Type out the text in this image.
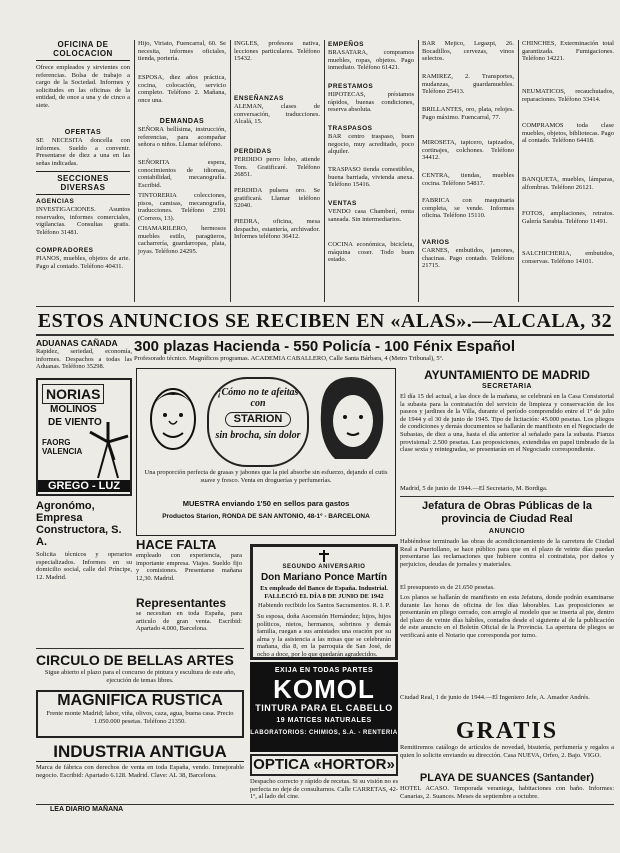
OFICINA DE COLOCACION
Ofrece empleados y sirvientes con referencias. Bolsa de trabajo a cargo de la Sociedad. Informes y solicitudes en las oficinas de la entidad, de once a una y de cinco a siete.
OFERTAS
SE NECESITA doncella con informes. Sueldo a convenir. Presentarse de diez a una en las señas indicadas.
SECCIONES DIVERSAS
AGENCIAS
INVESTIGACIONES. Asuntos reservados, informes comerciales, vigilancias. Consultas gratis. Teléfono 31481.
COMPRADORES
PIANOS, muebles, objetos de arte. Pago al contado. Teléfono 40431.
Hijo, Viriato, Fuencarral, 60. Se necesita, informes oficiales, tienda, portería.
ESPOSA, diez años práctica, cocina, colocación, servicio completo. Teléfono 2. Mañana, once una.
DEMANDAS
SEÑORA bellísima, instrucción, referencias, para acompañar señora o niños. Llamar teléfono.
SEÑORITA espera, conocimientos de idiomas, contabilidad, mecanografía. Escribid.
TINTORERIA colecciones, pisos, camisas, mecanografía, traducciones. Teléfono 2391 (Correos, 13).
CHAMARILERO, hermosos muebles estilo, paragüeros, cacharrería, guardarropas, plata, joyas. Teléfono 24295.
INGLES, profesora nativa, lecciones particulares. Teléfono 15432.
ENSEÑANZAS
ALEMAN, clases de conversación, traducciones. Alcalá, 15.
PERDIDAS
PERDIDO perro lobo, atiende Tom. Gratificaré. Teléfono 26851.
PERDIDA pulsera oro. Se gratificará. Llamar teléfono 52040.
PIEDRA, oficina, mesa despacho, estantería, archivador. Informes teléfono 36412.
EMPEÑOS
BRASATARA, compramos muebles, ropas, objetos. Pago inmediato. Teléfono 61421.
PRESTAMOS
HIPOTECAS, préstamos rápidos, buenas condiciones, reserva absoluta.
TRASPASOS
BAR centro traspaso, buen negocio, muy acreditado, poco alquiler.
TRASPASO tienda comestibles, buena barriada, vivienda anexa. Teléfono 15416.
VENTAS
VENDO casa Chamberí, renta saneada. Sin intermediarios.
COCINA económica, bicicleta, máquina coser. Todo buen estado.
BAR Mejico, Legazpi, 26. Bocadillos, cervezas, vinos selectos.
RAMIREZ, 2. Transportes, mudanzas, guardamuebles. Teléfono 25413.
BRILLANTES, oro, plata, relojes. Pago máximo. Fuencarral, 77.
MIROSETA, tapicero, tapizados, cortinajes, colchones. Teléfono 34412.
CENTRA, tiendas, muebles cocina. Teléfono 54817.
FABRICA con maquinaria completa, se vende. Informes oficina. Teléfono 15110.
VARIOS
CARNES, embutidos, jamones, chacinas. Pago contado. Teléfono 21715.
CHINCHES, Exterminación total garantizada. Fumigaciones. Teléfono 14221.
NEUMATICOS, recauchutados, reparaciones. Teléfono 33414.
COMPRAMOS toda clase muebles, objetos, bibliotecas. Pago al contado. Teléfono 64418.
BANQUETA, muebles, lámparas, alfombras. Teléfono 26121.
FOTOS, ampliaciones, retratos. Galería Sarabia. Teléfono 11491.
SALCHICHERIA, embutidos, conservas. Teléfono 14101.
ESTOS ANUNCIOS SE RECIBEN EN «ALAS».—ALCALA, 32
ADUANAS CAÑADA
Rapidez, seriedad, economía, informes. Despachos a todas las Aduanas. Teléfono 35298.
NORIAS
MOLINOS
DE VIENTO
FAORG VALENCIA
GREGO - LUZ
Agronómo, Empresa Constructora, S. A.
Solicita técnicos y operarios especializados. Informes en su domicilio social, calle del Príncipe, 12. Madrid.
CIRCULO DE BELLAS ARTES
Sigue abierto el plazo para el concurso de pintura y escultura de este año, ejecución de temas libres.
MAGNIFICA RUSTICA
Frente monte Madrid; labor, viña, olivos, caza, agua, buena casa. Precio 1.050.000 pesetas. Teléfono 21350.
INDUSTRIA ANTIGUA
Marca de fábrica con derechos de venta en toda España, vendo. Inmejorable negocio. Escribid: Apartado 6.128. Madrid. Clave: AL 38, Barcelona.
LEA DIARIO MAÑANA
HACE FALTA
empleado con experiencia, para importante empresa. Viajes. Sueldo fijo y comisiones. Presentarse mañana 12,30. Madrid.
Representantes
se necesitan en toda España, para articulo de gran venta. Escribid: Apartado 4.000, Barcelona.
300 plazas Hacienda - 550 Policía - 100 Fénix Español
Profesorado técnico. Magníficos programas. ACADEMIA CABALLERO, Calle Santa Bárbara, 4 (Metro Tribunal), 5º.
¡Cómo no te afeitas con
STARION
sin brocha, sin dolor
Una proporción perfecta de grasas y jabones que la piel absorbe sin esfuerzo, dejando el cutis suave y fresco. Venta en droguerías y perfumerías.
MUESTRA enviando 1'50 en sellos para gastos
Productos Starion, RONDA DE SAN ANTONIO, 48-1º - BARCELONA
SEGUNDO ANIVERSARIO
Don Mariano Ponce Martín
Ex empleado del Banco de España. Industrial. FALLECIÓ EL DÍA 8 DE JUNIO DE 1942
Habiendo recibido los Santos Sacramentos. R. I. P.
Su esposa, doña Ascensión Hernández; hijos, hijos políticos, nietos, hermanos, sobrinos y demás familia, ruegan a sus amistades una oración por su alma y la asistencia a las misas que se celebrarán mañana, día 8, en la parroquia de San José, de ocho a doce, por lo que quedarán agradecidos.
EXIJA EN TODAS PARTES
KOMOL
TINTURA PARA EL CABELLO
19 MATICES NATURALES
LABORATORIOS: CHIMIOS, S.A. - RENTERIA
OPTICA «HORTOR»
Despacho correcto y rápido de recetas. Si su visión no es perfecta no deje de consultarnos. Calle CARRETAS, 42-1º, al lado del cine.
AYUNTAMIENTO DE MADRID
SECRETARIA
El día 15 del actual, a las doce de la mañana, se celebrará en la Casa Consistorial la subasta para la contratación del servicio de limpieza y conservación de los paseos y jardines de la Villa, durante el período comprendido entre el 1º de julio de 1944 y el 30 de junio de 1945. Tipo de licitación: 45.000 pesetas. Los pliegos de condiciones y demás documentos se hallarán de manifiesto en el Negociado de Subastas, de diez a una, hasta el día anterior al señalado para la subasta. Fianza provisional: 2.500 pesetas. Las proposiciones, extendidas en papel timbrado de la clase sexta y reintegradas, se presentarán en el Negociado correspondiente.
Madrid, 5 de junio de 1944.—El Secretario, M. Bordiga.
Jefatura de Obras Públicas de la provincia de Ciudad Real
ANUNCIO
Habiéndose terminado las obras de acondicionamiento de la carretera de Ciudad Real a Puertollano, se hace público para que en el plazo de veinte días puedan presentarse las reclamaciones que hubiere contra el contratista, por daños y perjuicios, deudas de jornales y materiales.
El presupuesto es de 21.650 pesetas.
Los planos se hallarán de manifiesto en esta Jefatura, donde podrán examinarse durante las horas de oficina de los días laborables. Las proposiciones se presentarán en pliego cerrado, con arreglo al modelo que se inserta al pie, dentro del plazo de veinte días hábiles, contados desde el siguiente al de la publicación de este anuncio en el Boletín Oficial de la Provincia. La apertura de pliegos se verificará ante el Notario que corresponda por turno.
Ciudad Real, 1 de junio de 1944.—El Ingeniero Jefe, A. Amador Andrés.
GRATIS
Remitiremos catálogo de artículos de novedad, bisutería, perfumería y regalos a quien lo solicite enviando su dirección. Casa NUEVA, Orfeo, 2. Bajo. VIGO.
PLAYA DE SUANCES (Santander)
HOTEL ACASO. Temporada veraniega, habitaciones con baño. Informes: Canarias, 2. Suances. Meses de septiembre a octubre.
